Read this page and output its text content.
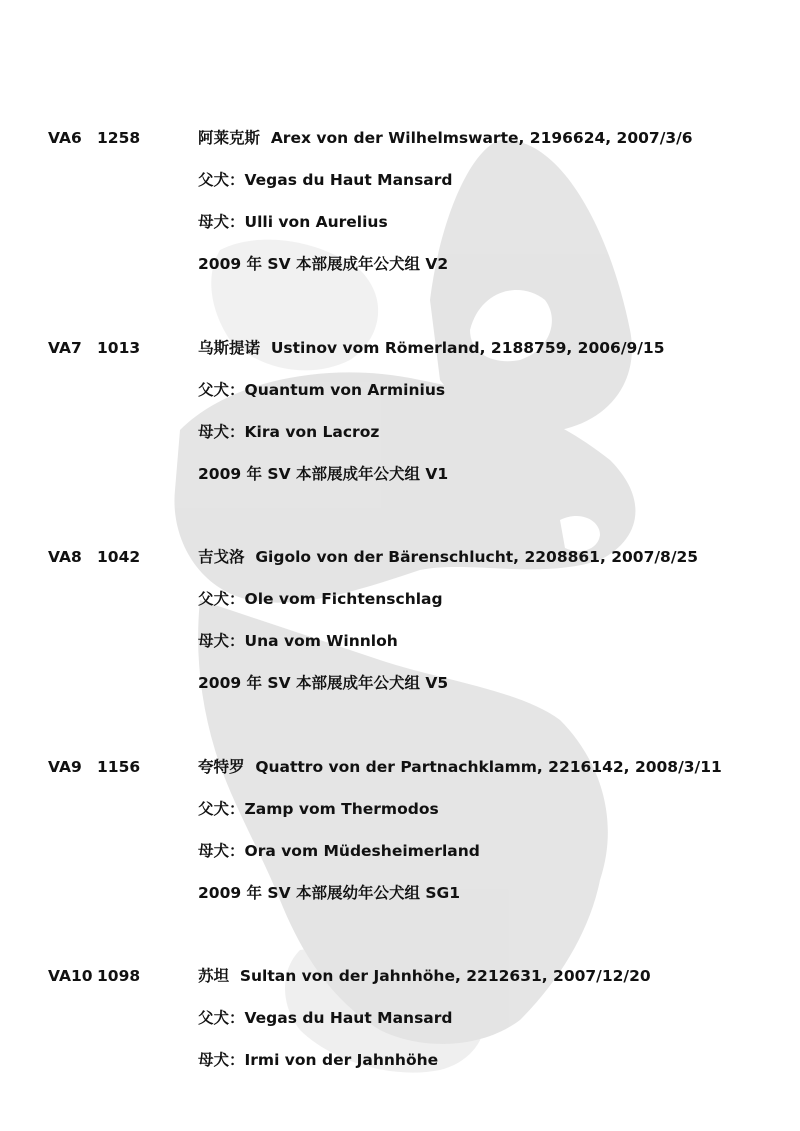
VA6 1258	阿莱克斯 Arex von der Wilhelmswarte, 2196624, 2007/3/6
父犬：Vegas du Haut Mansard
母犬：Ulli von Aurelius
2009 年 SV 本部展成年公犬组 V2
VA7 1013	乌斯提诺 Ustinov vom Römerland, 2188759, 2006/9/15
父犬：Quantum von Arminius
母犬：Kira von Lacroz
2009 年 SV 本部展成年公犬组 V1
VA8 1042	吉戈洛 Gigolo von der Bärenschlucht, 2208861, 2007/8/25
父犬：Ole vom Fichtenschlag
母犬：Una vom Winnloh
2009 年 SV 本部展成年公犬组 V5
VA9 1156	夸特罗 Quattro von der Partnachklamm, 2216142, 2008/3/11
父犬：Zamp vom Thermodos
母犬：Ora vom Müdesheimerland
2009 年 SV 本部展幼年公犬组 SG1
VA10 1098	苏坦 Sultan von der Jahnhöhe, 2212631, 2007/12/20
父犬：Vegas du Haut Mansard
母犬：Irmi von der Jahnhöhe
